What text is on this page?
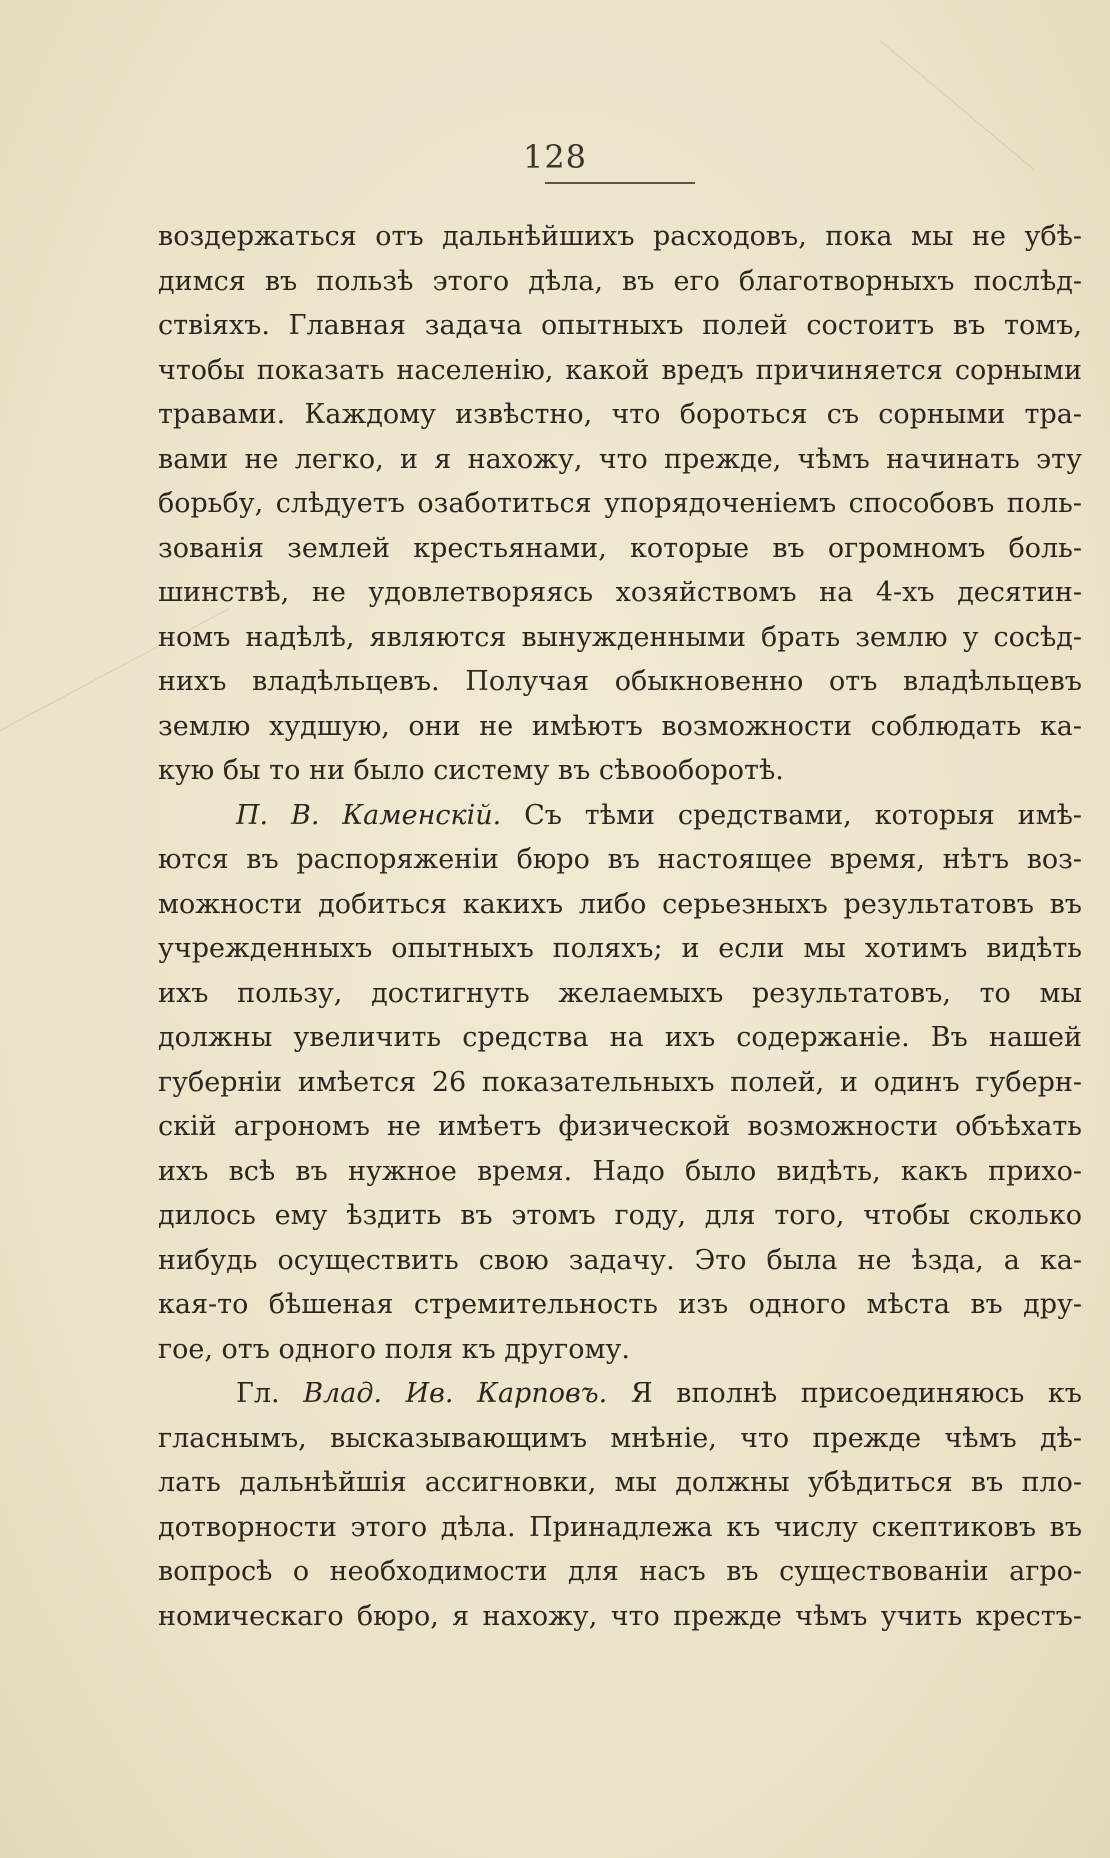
128
воздержаться отъ дальнѣйшихъ расходовъ, пока мы не убѣ-
димся въ пользѣ этого дѣла, въ его благотворныхъ послѣд-
ствіяхъ. Главная задача опытныхъ полей состоитъ въ томъ,
чтобы показать населенію, какой вредъ причиняется сорными
травами. Каждому извѣстно, что бороться съ сорными тра-
вами не легко, и я нахожу, что прежде, чѣмъ начинать эту
борьбу, слѣдуетъ озаботиться упорядоченіемъ способовъ поль-
зованія землей крестьянами, которые въ огромномъ боль-
шинствѣ, не удовлетворяясь хозяйствомъ на 4-хъ десятин-
номъ надѣлѣ, являются вынужденными брать землю у сосѣд-
нихъ владѣльцевъ. Получая обыкновенно отъ владѣльцевъ
землю худшую, они не имѣютъ возможности соблюдать ка-
кую бы то ни было систему въ сѣвооборотѣ.
П. В. Каменскій. Съ тѣми средствами, которыя имѣ-
ются въ распоряженіи бюро въ настоящее время, нѣтъ воз-
можности добиться какихъ либо серьезныхъ результатовъ въ
учрежденныхъ опытныхъ поляхъ; и если мы хотимъ видѣть
ихъ пользу, достигнуть желаемыхъ результатовъ, то мы
должны увеличить средства на ихъ содержаніе. Въ нашей
губерніи имѣется 26 показательныхъ полей, и одинъ губерн-
скій агрономъ не имѣетъ физической возможности объѣхать
ихъ всѣ въ нужное время. Надо было видѣть, какъ прихо-
дилось ему ѣздить въ этомъ году, для того, чтобы сколько
нибудь осуществить свою задачу. Это была не ѣзда, а ка-
кая-то бѣшеная стремительность изъ одного мѣста въ дру-
гое, отъ одного поля къ другому.
Гл. Влад. Ив. Карповъ. Я вполнѣ присоединяюсь къ
гласнымъ, высказывающимъ мнѣніе, что прежде чѣмъ дѣ-
лать дальнѣйшія ассигновки, мы должны убѣдиться въ пло-
дотворности этого дѣла. Принадлежа къ числу скептиковъ въ
вопросѣ о необходимости для насъ въ существованіи агро-
номическаго бюро, я нахожу, что прежде чѣмъ учить крестъ-
